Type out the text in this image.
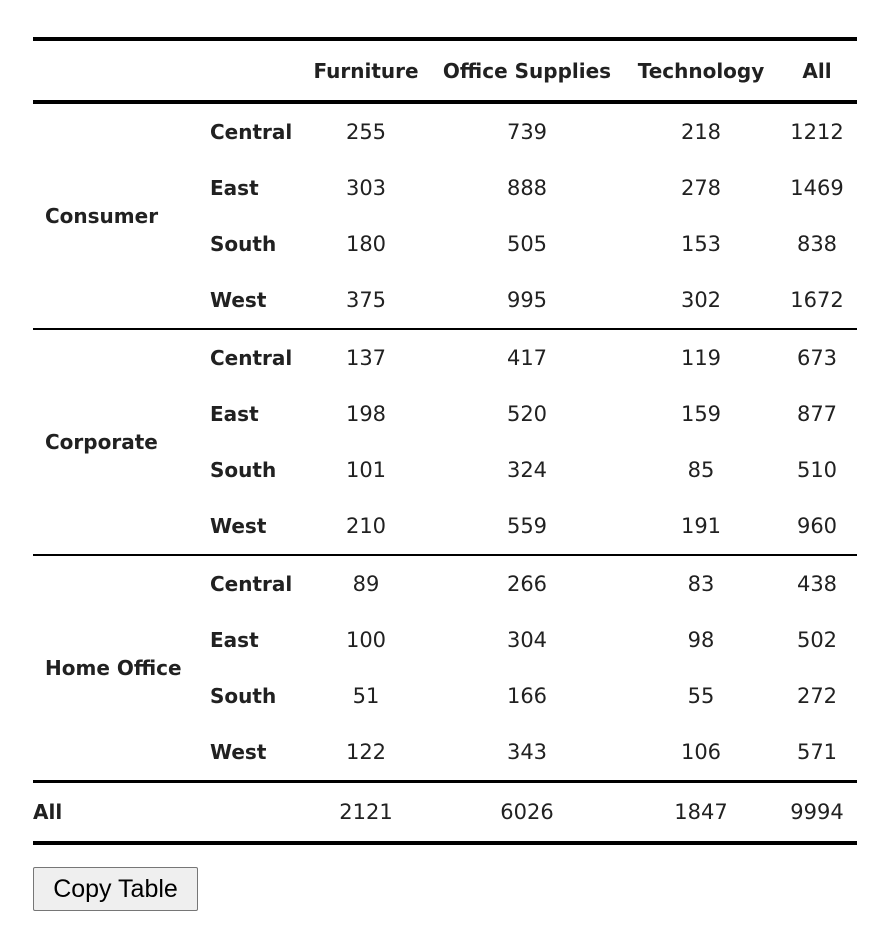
		Furniture	Office Supplies	Technology	All
Consumer	Central	255	739	218	1212
	East	303	888	278	1469
	South	180	505	153	838
	West	375	995	302	1672
Corporate	Central	137	417	119	673
	East	198	520	159	877
	South	101	324	85	510
	West	210	559	191	960
Home Office	Central	89	266	83	438
	East	100	304	98	502
	South	51	166	55	272
	West	122	343	106	571
All		2121	6026	1847	9994
Copy Table
